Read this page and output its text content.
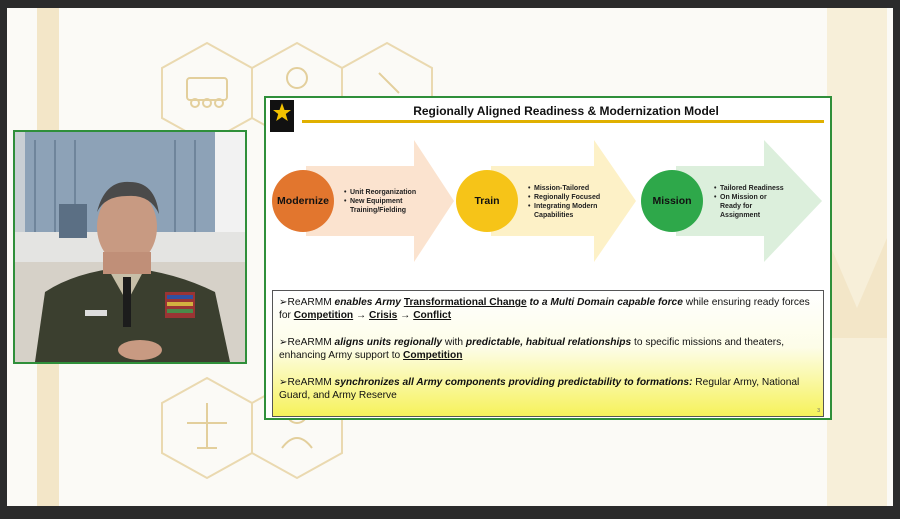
Regionally Aligned Readiness & Modernization Model
Modernize
• Unit Reorganization
• New Equipment Training/Fielding
Train
• Mission-Tailored
• Regionally Focused
• Integrating Modern Capabilities
Mission
• Tailored Readiness
• On Mission or Ready for Assignment
➢ReARMM enables Army Transformational Change to a Multi Domain capable force while ensuring ready forces for Competition → Crisis → Conflict
➢ReARMM aligns units regionally with predictable, habitual relationships to specific missions and theaters, enhancing Army support to Competition
➢ReARMM synchronizes all Army components providing predictability to formations: Regular Army, National Guard, and Army Reserve
3
